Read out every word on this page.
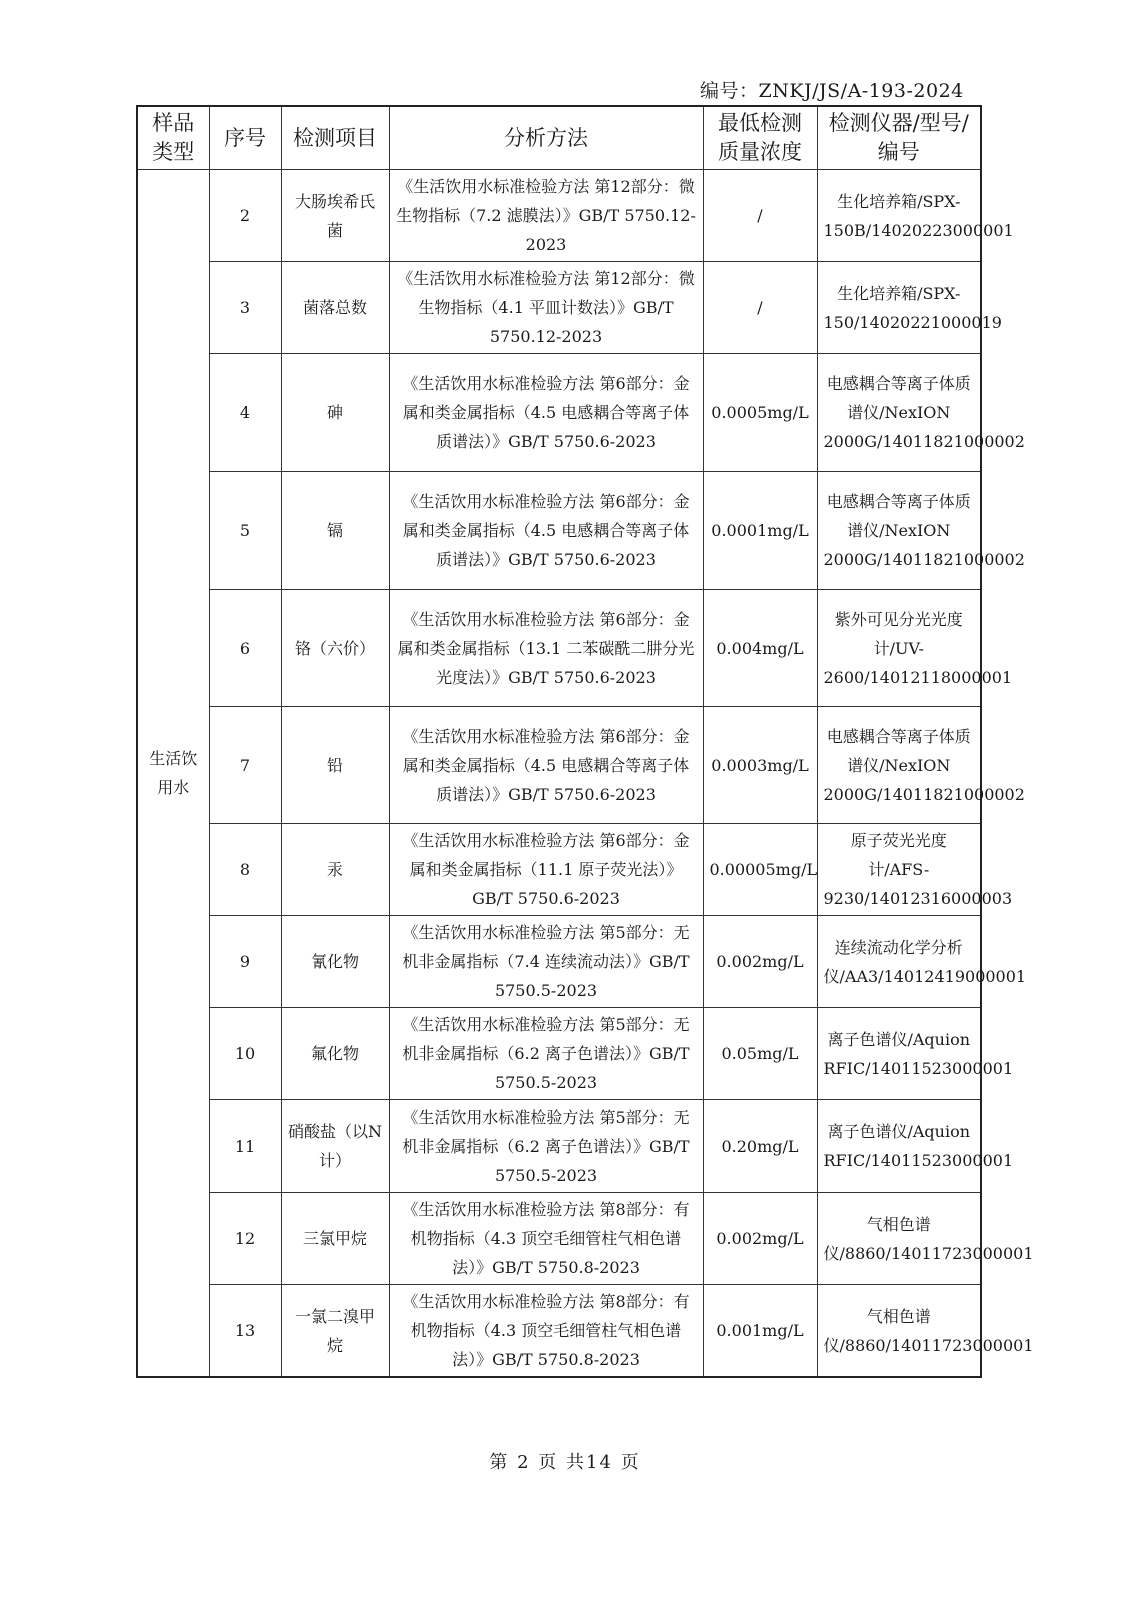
编号：ZNKJ/JS/A-193-2024
样品类型	序号	检测项目	分析方法	最低检测质量浓度	检测仪器/型号/编号
生活饮用水	2	大肠埃希氏菌	《生活饮用水标准检验方法 第12部分：微生物指标（7.2 滤膜法）》GB/T 5750.12-2023	/	生化培养箱/SPX-150B/14020223000001
	3	菌落总数	《生活饮用水标准检验方法 第12部分：微生物指标（4.1 平皿计数法）》GB/T 5750.12-2023	/	生化培养箱/SPX-150/14020221000019
	4	砷	《生活饮用水标准检验方法 第6部分：金属和类金属指标（4.5 电感耦合等离子体质谱法）》GB/T 5750.6-2023	0.0005mg/L	电感耦合等离子体质谱仪/NexION 2000G/14011821000002
	5	镉	《生活饮用水标准检验方法 第6部分：金属和类金属指标（4.5 电感耦合等离子体质谱法）》GB/T 5750.6-2023	0.0001mg/L	电感耦合等离子体质谱仪/NexION 2000G/14011821000002
	6	铬（六价）	《生活饮用水标准检验方法 第6部分：金属和类金属指标（13.1 二苯碳酰二肼分光光度法）》GB/T 5750.6-2023	0.004mg/L	紫外可见分光光度计/UV-2600/14012118000001
	7	铅	《生活饮用水标准检验方法 第6部分：金属和类金属指标（4.5 电感耦合等离子体质谱法）》GB/T 5750.6-2023	0.0003mg/L	电感耦合等离子体质谱仪/NexION 2000G/14011821000002
	8	汞	《生活饮用水标准检验方法 第6部分：金属和类金属指标（11.1 原子荧光法）》GB/T 5750.6-2023	0.00005mg/L	原子荧光光度计/AFS-9230/14012316000003
	9	氰化物	《生活饮用水标准检验方法 第5部分：无机非金属指标（7.4 连续流动法）》GB/T 5750.5-2023	0.002mg/L	连续流动化学分析仪/AA3/14012419000001
	10	氟化物	《生活饮用水标准检验方法 第5部分：无机非金属指标（6.2 离子色谱法）》GB/T 5750.5-2023	0.05mg/L	离子色谱仪/Aquion RFIC/14011523000001
	11	硝酸盐（以N计）	《生活饮用水标准检验方法 第5部分：无机非金属指标（6.2 离子色谱法）》GB/T 5750.5-2023	0.20mg/L	离子色谱仪/Aquion RFIC/14011523000001
	12	三氯甲烷	《生活饮用水标准检验方法 第8部分：有机物指标（4.3 顶空毛细管柱气相色谱法）》GB/T 5750.8-2023	0.002mg/L	气相色谱仪/8860/14011723000001
	13	一氯二溴甲烷	《生活饮用水标准检验方法 第8部分：有机物指标（4.3 顶空毛细管柱气相色谱法）》GB/T 5750.8-2023	0.001mg/L	气相色谱仪/8860/14011723000001
第 2 页 共14 页
